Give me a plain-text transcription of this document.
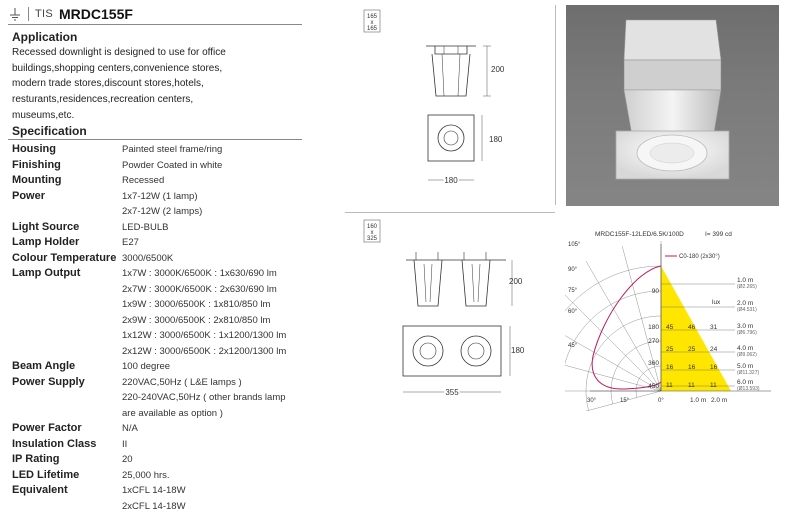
TIS MRDC155F
Application
Recessed downlight is designed to use for office
buildings,shopping centers,convenience stores,
modern trade stores,discount stores,hotels,
resturants,residences,recreation centers,
museums,etc.
Specification
Housing	Painted steel frame/ring
Finishing	Powder Coated in white
Mounting	Recessed
Power	1x7-12W (1 lamp)
2x7-12W (2 lamps)
Light Source	LED-BULB
Lamp Holder	E27
Colour Temperature 3000/6500K
Lamp Output	1x7W : 3000K/6500K : 1x630/690 lm
2x7W : 3000K/6500K : 2x630/690 lm
1x9W : 3000/6500K : 1x810/850 lm
2x9W : 3000/6500K : 2x810/850 lm
1x12W : 3000/6500K : 1x1200/1300 lm
2x12W : 3000/6500K : 2x1200/1300 lm
Beam Angle	100 degree
Power Supply	220VAC,50Hz ( L&E lamps )
220-240VAC,50Hz ( other brands lamp
are available as option )
Power Factor	N/A
Insulation Class	II
IP Rating	20
LED Lifetime	25,000 hrs.
Equivalent	1xCFL 14-18W
2xCFL 14-18W
165
x
165
200
180
180
160
x
325
200
180
355
MRDC155F-12LED/6.5K/100D	I= 399 cd
C0-180 (2x30°)
lux
105°
90°
75°
60°
45°
30°	15°	0°
90
180
270
360
450
1.0 m
(Ø2.265)
2.0 m
(Ø4.531)
3.0 m
(Ø6.796)
4.0 m
(Ø9.062)
5.0 m
(Ø11.327)
6.0 m
(Ø13.593)
45 46 31
25 25 24
16 16 16
11 11 11
1.0 m 2.0 m
